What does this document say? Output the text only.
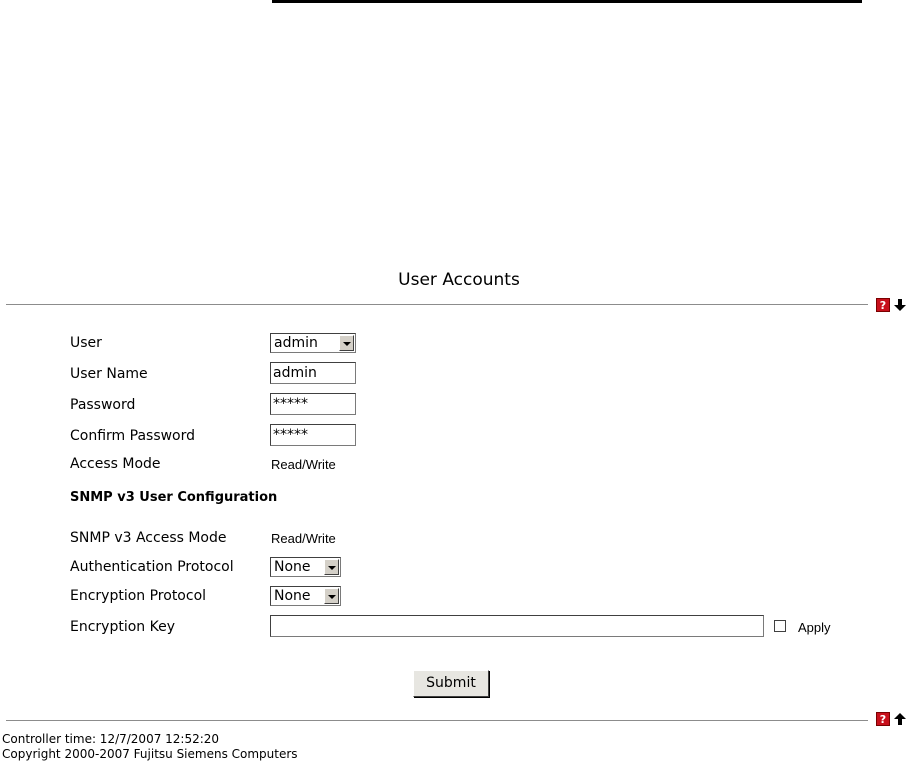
User Accounts
?
User	admin
User Name	admin
Password	*****
Confirm Password	*****
Access Mode	Read/Write
SNMP v3 User Configuration
SNMP v3 Access Mode	Read/Write
Authentication Protocol	None
Encryption Protocol	None
Encryption Key	Apply
Submit
?
Controller time: 12/7/2007 12:52:20
Copyright 2000-2007 Fujitsu Siemens Computers
